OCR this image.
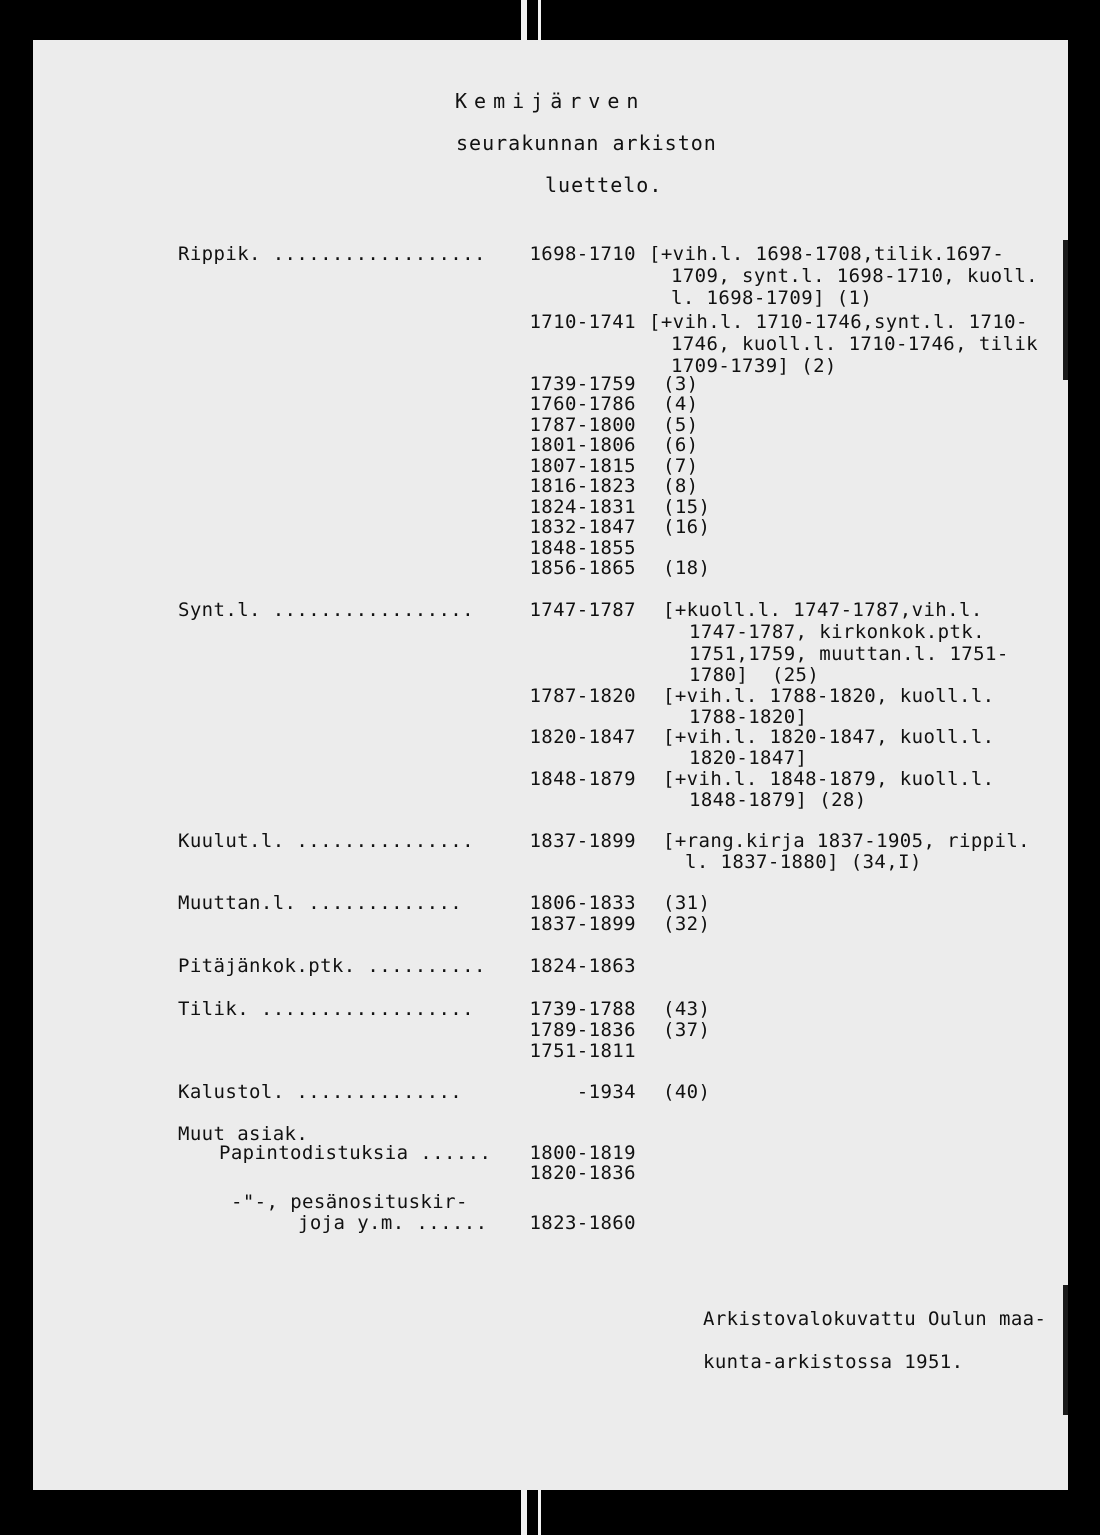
Kemijärven
seurakunnan arkiston
luettelo.
Rippik. ..................	1698-1710 [+vih.l. 1698-1708,tilik.1697-
1709, synt.l. 1698-1710, kuoll.
l. 1698-1709] (1)
1710-1741 [+vih.l. 1710-1746,synt.l. 1710-
1746, kuoll.l. 1710-1746, tilik
1709-1739] (2)
1739-1759 (3)
1760-1786 (4)
1787-1800 (5)
1801-1806 (6)
1807-1815 (7)
1816-1823 (8)
1824-1831 (15)
1832-1847 (16)
1848-1855
1856-1865 (18)
Synt.l. .................	1747-1787 [+kuoll.l. 1747-1787,vih.l.
1747-1787, kirkonkok.ptk.
1751,1759, muuttan.l. 1751-
1780]  (25)
1787-1820 [+vih.l. 1788-1820, kuoll.l.
1788-1820]
1820-1847 [+vih.l. 1820-1847, kuoll.l.
1820-1847]
1848-1879 [+vih.l. 1848-1879, kuoll.l.
1848-1879] (28)
Kuulut.l. ...............	1837-1899 [+rang.kirja 1837-1905, rippil.
l. 1837-1880] (34,I)
Muuttan.l. .............	1806-1833 (31)
1837-1899 (32)
Pitäjänkok.ptk. ..........	1824-1863
Tilik. ..................	1739-1788 (43)
1789-1836 (37)
1751-1811
Kalustol. ..............	-1934 (40)
Muut asiak.
Papintodistuksia ......	1800-1819
1820-1836
-"-, pesänosituskir-
joja y.m. ......	1823-1860
Arkistovalokuvattu Oulun maa-
kunta-arkistossa 1951.
